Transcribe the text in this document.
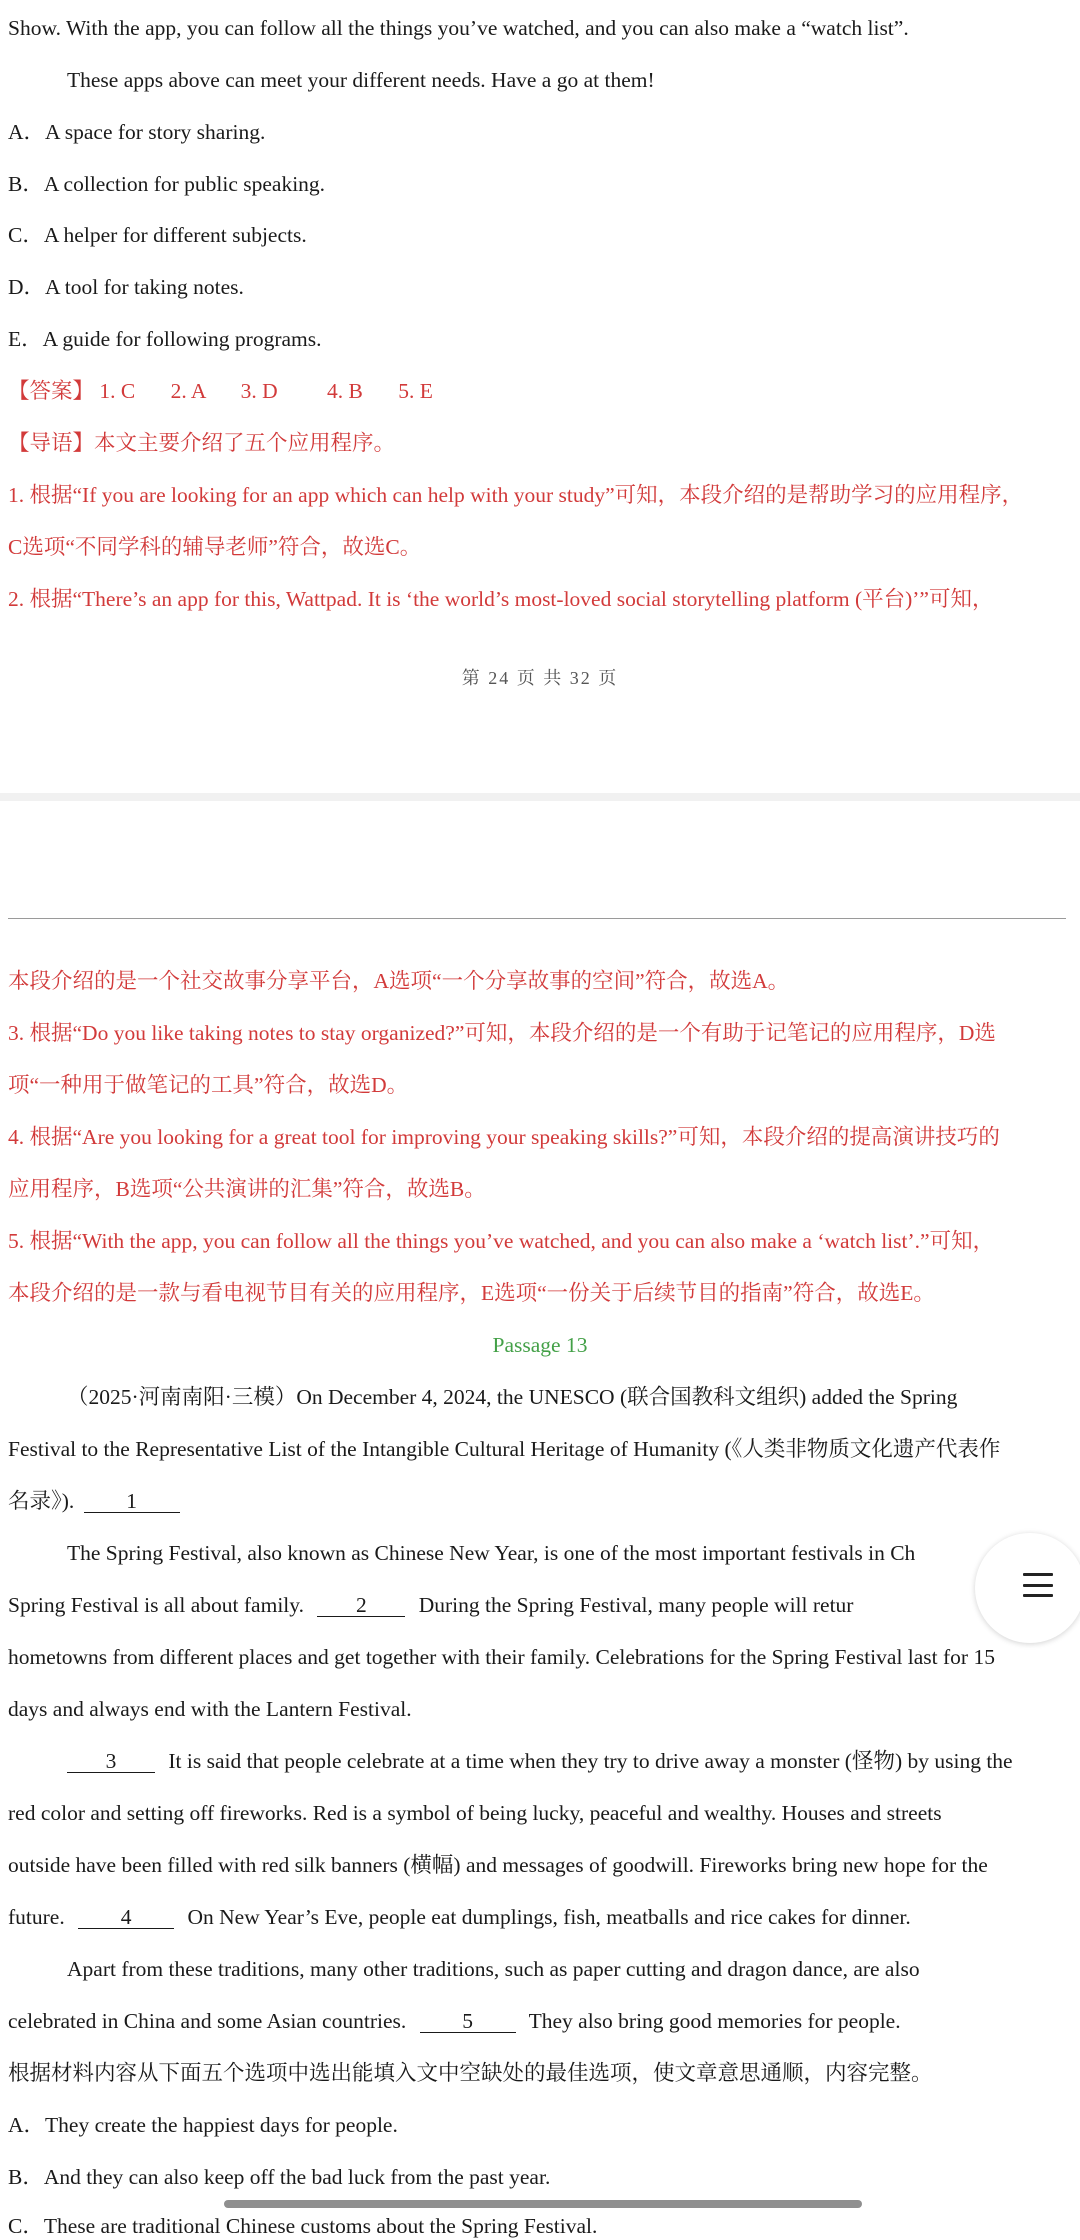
Show. With the app, you can follow all the things you’ve watched, and you can also make a “watch list”.
These apps above can meet your different needs. Have a go at them!
A．A space for story sharing.
B．A collection for public speaking.
C．A helper for different subjects.
D．A tool for taking notes.
E．A guide for following programs.
【答案】 1. C 2. A 3. D 4. B 5. E
【导语】本文主要介绍了五个应用程序。
1. 根据“If you are looking for an app which can help with your study”可知，本段介绍的是帮助学习的应用程序，
C选项“不同学科的辅导老师”符合，故选C。
2. 根据“There’s an app for this, Wattpad. It is ‘the world’s most-loved social storytelling platform (平台)’”可知，
第 24 页 共 32 页
本段介绍的是一个社交故事分享平台，A选项“一个分享故事的空间”符合，故选A。
3. 根据“Do you like taking notes to stay organized?”可知，本段介绍的是一个有助于记笔记的应用程序，D选
项“一种用于做笔记的工具”符合，故选D。
4. 根据“Are you looking for a great tool for improving your speaking skills?”可知，本段介绍的提高演讲技巧的
应用程序，B选项“公共演讲的汇集”符合，故选B。
5. 根据“With the app, you can follow all the things you’ve watched, and you can also make a ‘watch list’.”可知，
本段介绍的是一款与看电视节目有关的应用程序，E选项“一份关于后续节目的指南”符合，故选E。
Passage 13
（2025·河南南阳·三模）On December 4, 2024, the UNESCO (联合国教科文组织) added the Spring
Festival to the Representative List of the Intangible Cultural Heritage of Humanity (《人类非物质文化遗产代表作
名录》). 1
The Spring Festival, also known as Chinese New Year, is one of the most important festivals in Ch
Spring Festival is all about family. 2 During the Spring Festival, many people will retur
hometowns from different places and get together with their family. Celebrations for the Spring Festival last for 15
days and always end with the Lantern Festival.
3 It is said that people celebrate at a time when they try to drive away a monster (怪物) by using the
red color and setting off fireworks. Red is a symbol of being lucky, peaceful and wealthy. Houses and streets
outside have been filled with red silk banners (横幅) and messages of goodwill. Fireworks bring new hope for the
future.	4	On New Year’s Eve, people eat dumplings, fish, meatballs and rice cakes for dinner.
Apart from these traditions, many other traditions, such as paper cutting and dragon dance, are also
celebrated in China and some Asian countries.	5	They also bring good memories for people.
根据材料内容从下面五个选项中选出能填入文中空缺处的最佳选项，使文章意思通顺，内容完整。
A．They create the happiest days for people.
B．And they can also keep off the bad luck from the past year.
C．These are traditional Chinese customs about the Spring Festival.
